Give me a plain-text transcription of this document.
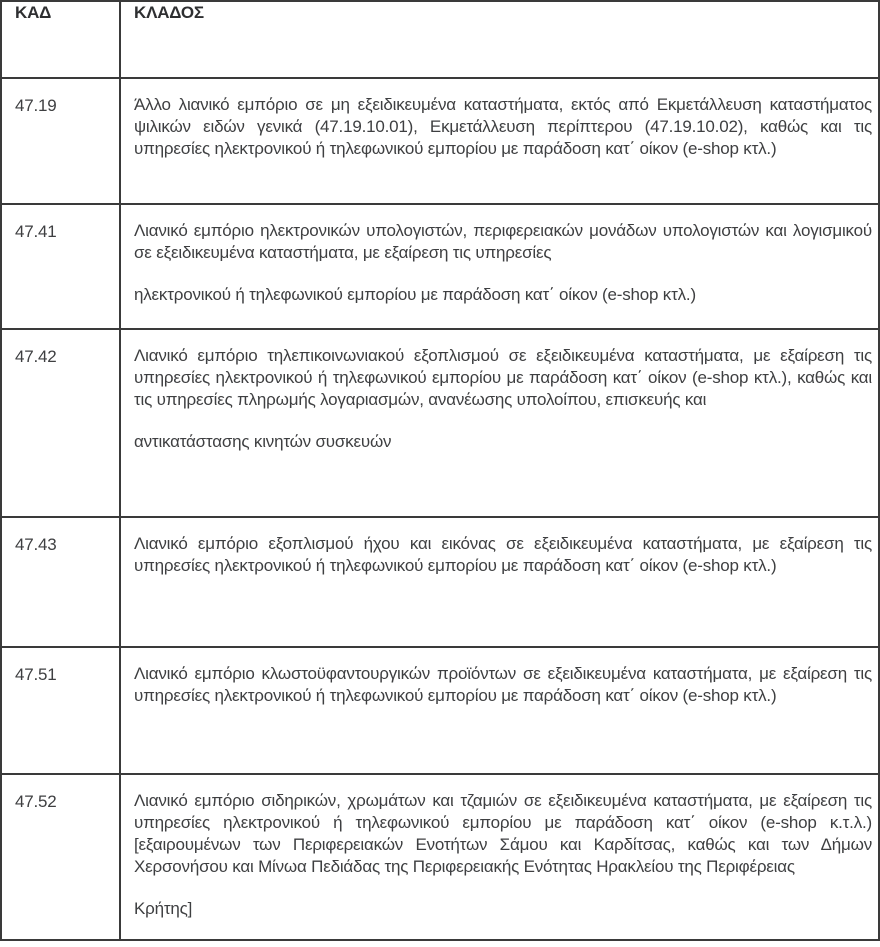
ΚΑΔ	ΚΛΑΔΟΣ
47.19	Άλλο λιανικό εμπόριο σε μη εξειδικευμένα καταστήματα, εκτός από Εκμετάλλευση καταστήματος ψιλικών ειδών γενικά (47.19.10.01), Εκμετάλλευση περίπτερου (47.19.10.02), καθώς και τις υπηρεσίες ηλεκτρονικού ή τηλεφωνικού εμπορίου με παράδοση κατ΄ οίκον (e-shop κτλ.)

47.41	Λιανικό εμπόριο ηλεκτρονικών υπολογιστών, περιφερειακών μονάδων υπολογιστών και λογισμικού σε εξειδικευμένα καταστήματα, με εξαίρεση τις υπηρεσίες

ηλεκτρονικού ή τηλεφωνικού εμπορίου με παράδοση κατ΄ οίκον (e-shop κτλ.)

47.42	Λιανικό εμπόριο τηλεπικοινωνιακού εξοπλισμού σε εξειδικευμένα καταστήματα, με εξαίρεση τις υπηρεσίες ηλεκτρονικού ή τηλεφωνικού εμπορίου με παράδοση κατ΄ οίκον (e-shop κτλ.), καθώς και τις υπηρεσίες πληρωμής λογαριασμών, ανανέωσης υπολοίπου, επισκευής και

αντικατάστασης κινητών συσκευών

47.43	Λιανικό εμπόριο εξοπλισμού ήχου και εικόνας σε εξειδικευμένα καταστήματα, με εξαίρεση τις υπηρεσίες ηλεκτρονικού ή τηλεφωνικού εμπορίου με παράδοση κατ΄ οίκον (e-shop κτλ.)

47.51	Λιανικό εμπόριο κλωστοϋφαντουργικών προϊόντων σε εξειδικευμένα καταστήματα, με εξαίρεση τις υπηρεσίες ηλεκτρονικού ή τηλεφωνικού εμπορίου με παράδοση κατ΄ οίκον (e-shop κτλ.)

47.52	Λιανικό εμπόριο σιδηρικών, χρωμάτων και τζαμιών σε εξειδικευμένα καταστήματα, με εξαίρεση τις υπηρεσίες ηλεκτρονικού ή τηλεφωνικού εμπορίου με παράδοση κατ΄ οίκον (e-shop κ.τ.λ.) [εξαιρουμένων των Περιφερειακών Ενοτήτων Σάμου και Καρδίτσας, καθώς και των Δήμων Χερσονήσου και Μίνωα Πεδιάδας της Περιφερειακής Ενότητας Ηρακλείου της Περιφέρειας

Κρήτης]
